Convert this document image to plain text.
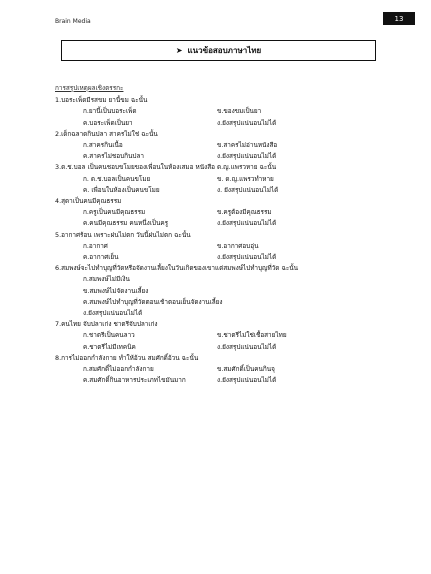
Brain Media	13
➤ แนวข้อสอบภาษาไทย
การสรุปเหตุผลเชิงตรรกะ
1.บอระเพ็ดมีรสขม ยานี้ขม ฉะนั้น
ก.ยานี้เป็นบอระเพ็ด	ข.ของขมเป็นยา
ค.บอระเพ็ดเป็นยา	ง.ยังสรุปแน่นอนไม่ได้
2.เด็กฉลาดกินปลา สาครไม่ใช่ ฉะนั้น
ก.สาครกินเนื้อ	ข.สาครไม่อ่านหนังสือ
ค.สาครไม่ชอบกินปลา	ง.ยังสรุปแน่นอนไม่ได้
3.ด.ช.บอล เป็นคนชอบขโมยของเพื่อนในห้องเสมอ หนังสือ ด.ญ.แพรวหาย ฉะนั้น
ก. ด.ช.บอลเป็นคนขโมย	ข. ด.ญ.แพรวทำหาย
ค. เพื่อนในห้องเป็นคนขโมย	ง. ยังสรุปแน่นอนไม่ได้
4.สุดาเป็นคนมีคุณธรรม
ก.ครูเป็นคนมีคุณธรรม	ข.ครูต้องมีคุณธรรม
ค.คนมีคุณธรรม คนหนึ่งเป็นครู	ง.ยังสรุปแน่นอนไม่ได้
5.อากาศร้อน เพราะฝนไม่ตก วันนี้ฝนไม่ตก ฉะนั้น
ก.อากาศ	ข.อากาศอบอุ่น
ค.อากาศเย็น	ง.ยังสรุปแน่นอนไม่ได้
6.สมพงษ์จะไปทำบุญที่วัดหรือจัดงานเลี้ยงในวันเกิดของเขาแต่สมพงษ์ไปทำบุญที่วัด ฉะนั้น
ก.สมพงษ์ไม่มีเงิน
ข.สมพงษ์ไม่จัดงานเลี้ยง
ค.สมพงษ์ไปทำบุญที่วัดตอนเช้าตอนเย็นจัดงานเลี้ยง
ง.ยังสรุปแน่นอนไม่ได้
7.คนไทย จับปลาเก่ง ชาตรีจับปลาเก่ง
ก.ชาตรีเป็นคนลาว	ข.ชาตรีไม่ใช่เชื้อสายไทย
ค.ชาตรีไม่มีเทคนิค	ง.ยังสรุปแน่นอนไม่ได้
8.การไม่ออกกำลังกาย ทำให้อ้วน สมศักดิ์อ้วน ฉะนั้น
ก.สมศักดิ์ไม่ออกกำลังกาย	ข.สมศักดิ์เป็นคนกินจุ
ค.สมศักดิ์กินอาหารประเภทไขมันมาก	ง.ยังสรุปแน่นอนไม่ได้
